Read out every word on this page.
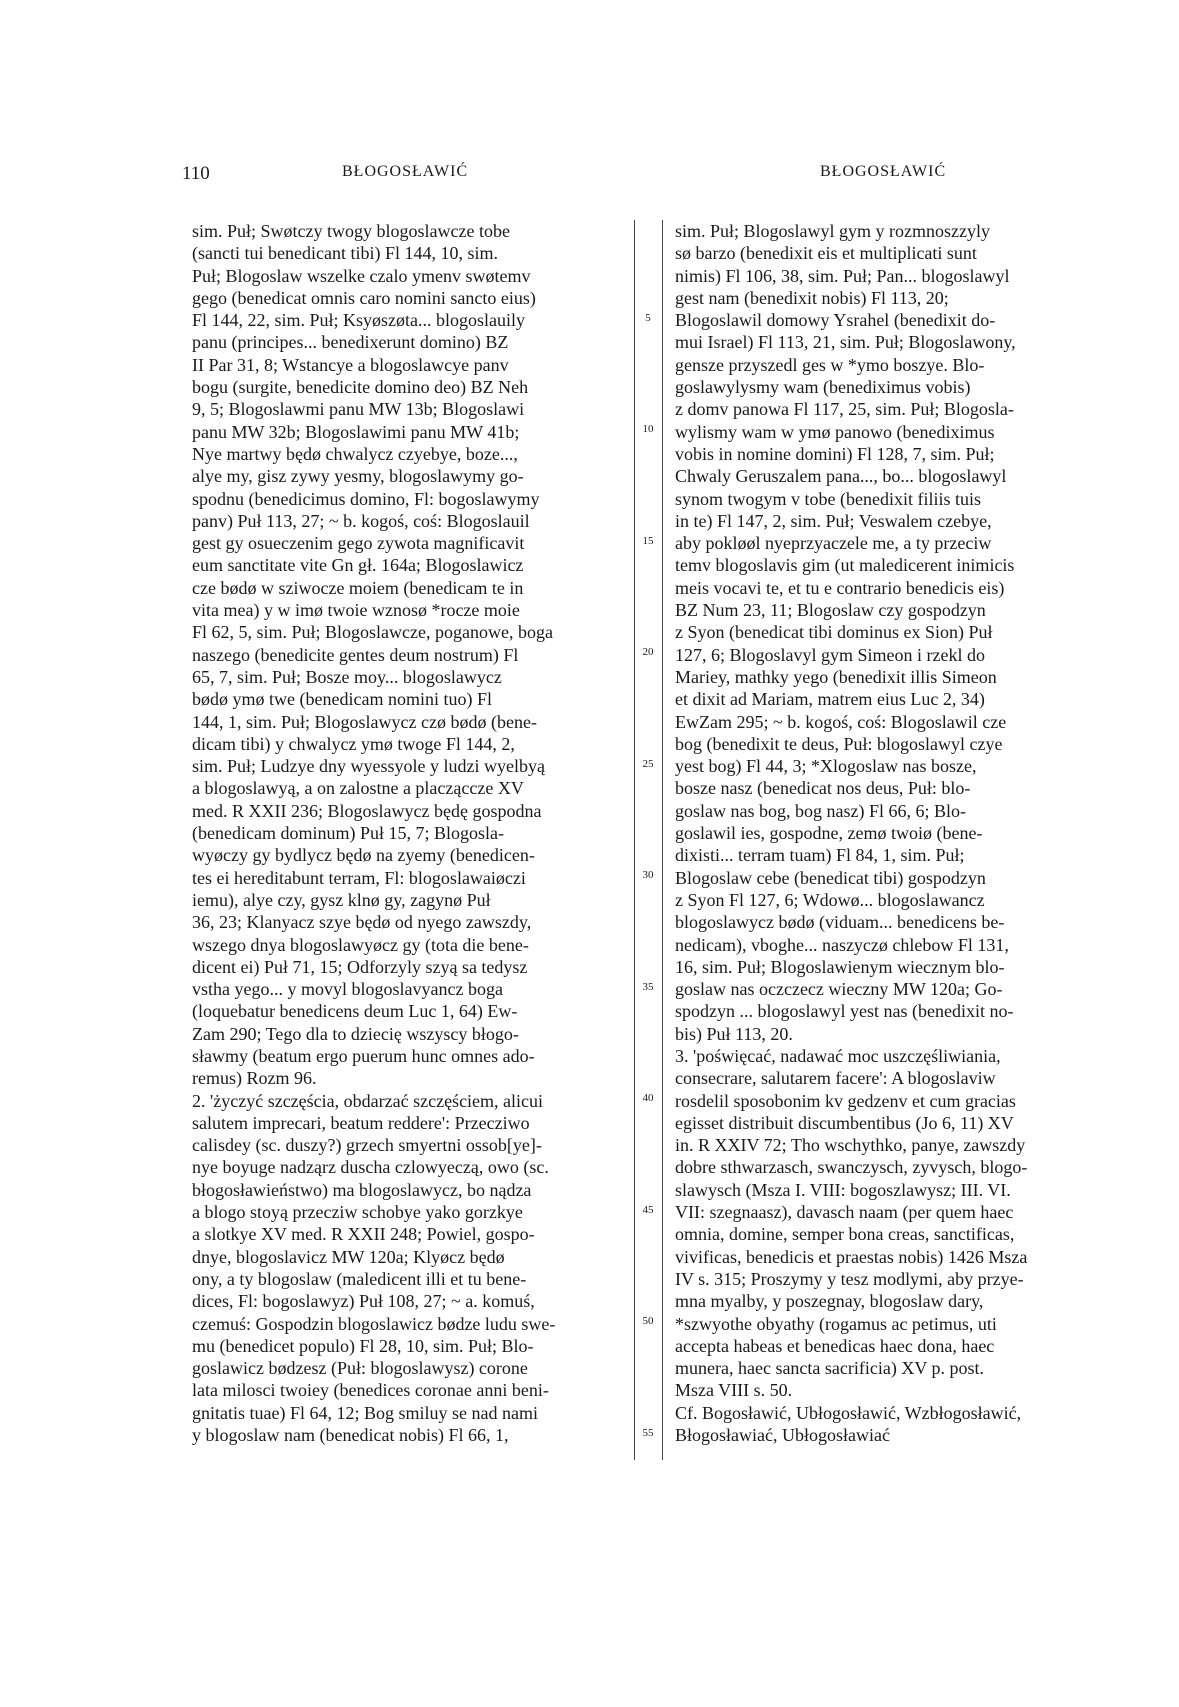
110	BŁOGOSŁAWIĆ	BŁOGOSŁAWIĆ
sim. Puł; Swøtczy twogy blogoslawcze tobe
(sancti tui benedicant tibi) Fl 144, 10, sim.
Puł; Blogoslaw wszelke czalo ymenv swøtemv
gego (benedicat omnis caro nomini sancto eius)
Fl 144, 22, sim. Puł; Ksyøszøta... blogoslauily
panu (principes... benedixerunt domino) BZ
II Par 31, 8; Wstancye a blogoslawcye panv
bogu (surgite, benedicite domino deo) BZ Neh
9, 5; Blogoslawmi panu MW 13b; Blogoslawi
panu MW 32b; Blogoslawimi panu MW 41b;
Nye martwy będø chwalycz czyebye, boze...,
alye my, gisz zywy yesmy, blogoslawymy go-
spodnu (benedicimus domino, Fl: bogoslawymy
panv) Puł 113, 27; ~ b. kogoś, coś: Blogoslauil
gest gy osueczenim gego zywota magnificavit
eum sanctitate vite Gn gł. 164a; Blogoslawicz
cze bødø w sziwocze moiem (benedicam te in
vita mea) y w imø twoie wznosø *rocze moie
Fl 62, 5, sim. Puł; Blogoslawcze, poganowe, boga
naszego (benedicite gentes deum nostrum) Fl
65, 7, sim. Puł; Bosze moy... blogoslawycz
bødø ymø twe (benedicam nomini tuo) Fl
144, 1, sim. Puł; Blogoslawycz czø bødø (bene-
dicam tibi) y chwalycz ymø twoge Fl 144, 2,
sim. Puł; Ludzye dny wyessyole y ludzi wyelbyą
a blogoslawyą, a on zalostne a placząccze XV
med. R XXII 236; Blogoslawycz będę gospodna
(benedicam dominum) Puł 15, 7; Blogosla-
wyøczy gy bydlycz będø na zyemy (benedicen-
tes ei hereditabunt terram, Fl: blogoslawaiøczi
iemu), alye czy, gysz klnø gy, zagynø Puł
36, 23; Klanyacz szye będø od nyego zawszdy,
wszego dnya blogoslawyøcz gy (tota die bene-
dicent ei) Puł 71, 15; Odforzyly szyą sa tedysz
vstha yego... y movyl blogoslavyancz boga
(loquebatur benedicens deum Luc 1, 64) Ew-
Zam 290; Tego dla to dziecię wszyscy błogo-
sławmy (beatum ergo puerum hunc omnes ado-
remus) Rozm 96.
2. 'życzyć szczęścia, obdarzać szczęściem, alicui
salutem imprecari, beatum reddere': Przecziwo
calisdey (sc. duszy?) grzech smyertni ossob[ye]-
nye boyuge nadząrz duscha czlowyeczą, owo (sc.
błogosławieństwo) ma blogoslawycz, bo nądza
a blogo stoyą przecziw schobye yako gorzkye
a slotkye XV med. R XXII 248; Powiel, gospo-
dnye, blogoslavicz MW 120a; Klyøcz będø
ony, a ty blogoslaw (maledicent illi et tu bene-
dices, Fl: bogoslawyz) Puł 108, 27; ~ a. komuś,
czemuś: Gospodzin blogoslawicz bødze ludu swe-
mu (benedicet populo) Fl 28, 10, sim. Puł; Blo-
goslawicz bødzesz (Puł: blogoslawysz) corone
lata milosci twoiey (benedices coronae anni beni-
gnitatis tuae) Fl 64, 12; Bog smiluy se nad nami
y blogoslaw nam (benedicat nobis) Fl 66, 1,
sim. Puł; Blogoslawyl gym y rozmnoszzyly
sø barzo (benedixit eis et multiplicati sunt
nimis) Fl 106, 38, sim. Puł; Pan... blogoslawyl
gest nam (benedixit nobis) Fl 113, 20;
Blogoslawil domowy Ysrahel (benedixit do-
mui Israel) Fl 113, 21, sim. Puł; Blogoslawony,
gensze przyszedl ges w *ymo boszye. Blo-
goslawylysmy wam (benediximus vobis)
z domv panowa Fl 117, 25, sim. Puł; Blogosla-
wylismy wam w ymø panowo (benediximus
vobis in nomine domini) Fl 128, 7, sim. Puł;
Chwaly Geruszalem pana..., bo... blogoslawyl
synom twogym v tobe (benedixit filiis tuis
in te) Fl 147, 2, sim. Puł; Veswalem czebye,
aby pokløøl nyeprzyaczele me, a ty przeciw
temv blogoslavis gim (ut maledicerent inimicis
meis vocavi te, et tu e contrario benedicis eis)
BZ Num 23, 11; Blogoslaw czy gospodzyn
z Syon (benedicat tibi dominus ex Sion) Puł
127, 6; Blogoslavyl gym Simeon i rzekl do
Mariey, mathky yego (benedixit illis Simeon
et dixit ad Mariam, matrem eius Luc 2, 34)
EwZam 295; ~ b. kogoś, coś: Blogoslawil cze
bog (benedixit te deus, Puł: blogoslawyl czye
yest bog) Fl 44, 3; *Xlogoslaw nas bosze,
bosze nasz (benedicat nos deus, Puł: blo-
goslaw nas bog, bog nasz) Fl 66, 6; Blo-
goslawil ies, gospodne, zemø twoiø (bene-
dixisti... terram tuam) Fl 84, 1, sim. Puł;
Blogoslaw cebe (benedicat tibi) gospodzyn
z Syon Fl 127, 6; Wdowø... blogoslawancz
blogoslawycz bødø (viduam... benedicens be-
nedicam), vboghe... naszyczø chlebow Fl 131,
16, sim. Puł; Blogoslawienym wiecznym blo-
goslaw nas oczczecz wieczny MW 120a; Go-
spodzyn ... blogoslawyl yest nas (benedixit no-
bis) Puł 113, 20.
3. 'poświęcać, nadawać moc uszczęśliwiania,
consecrare, salutarem facere': A blogoslaviw
rosdelil sposobonim kv gedzenv et cum gracias
egisset distribuit discumbentibus (Jo 6, 11) XV
in. R XXIV 72; Tho wschythko, panye, zawszdy
dobre sthwarzasch, swanczysch, zyvysch, blogo-
slawysch (Msza I. VIII: bogoszlawysz; III. VI.
VII: szegnaasz), davasch naam (per quem haec
omnia, domine, semper bona creas, sanctificas,
vivificas, benedicis et praestas nobis) 1426 Msza
IV s. 315; Proszymy y tesz modlymi, aby przye-
mna myalby, y poszegnay, blogoslaw dary,
*szwyothe obyathy (rogamus ac petimus, uti
accepta habeas et benedicas haec dona, haec
munera, haec sancta sacrificia) XV p. post.
Msza VIII s. 50.
Cf. Bogosławić, Ubłogosławić, Wzbłogosławić,
Błogosławiać, Ubłogosławiać
5
10
15
20
25
30
35
40
45
50
55
